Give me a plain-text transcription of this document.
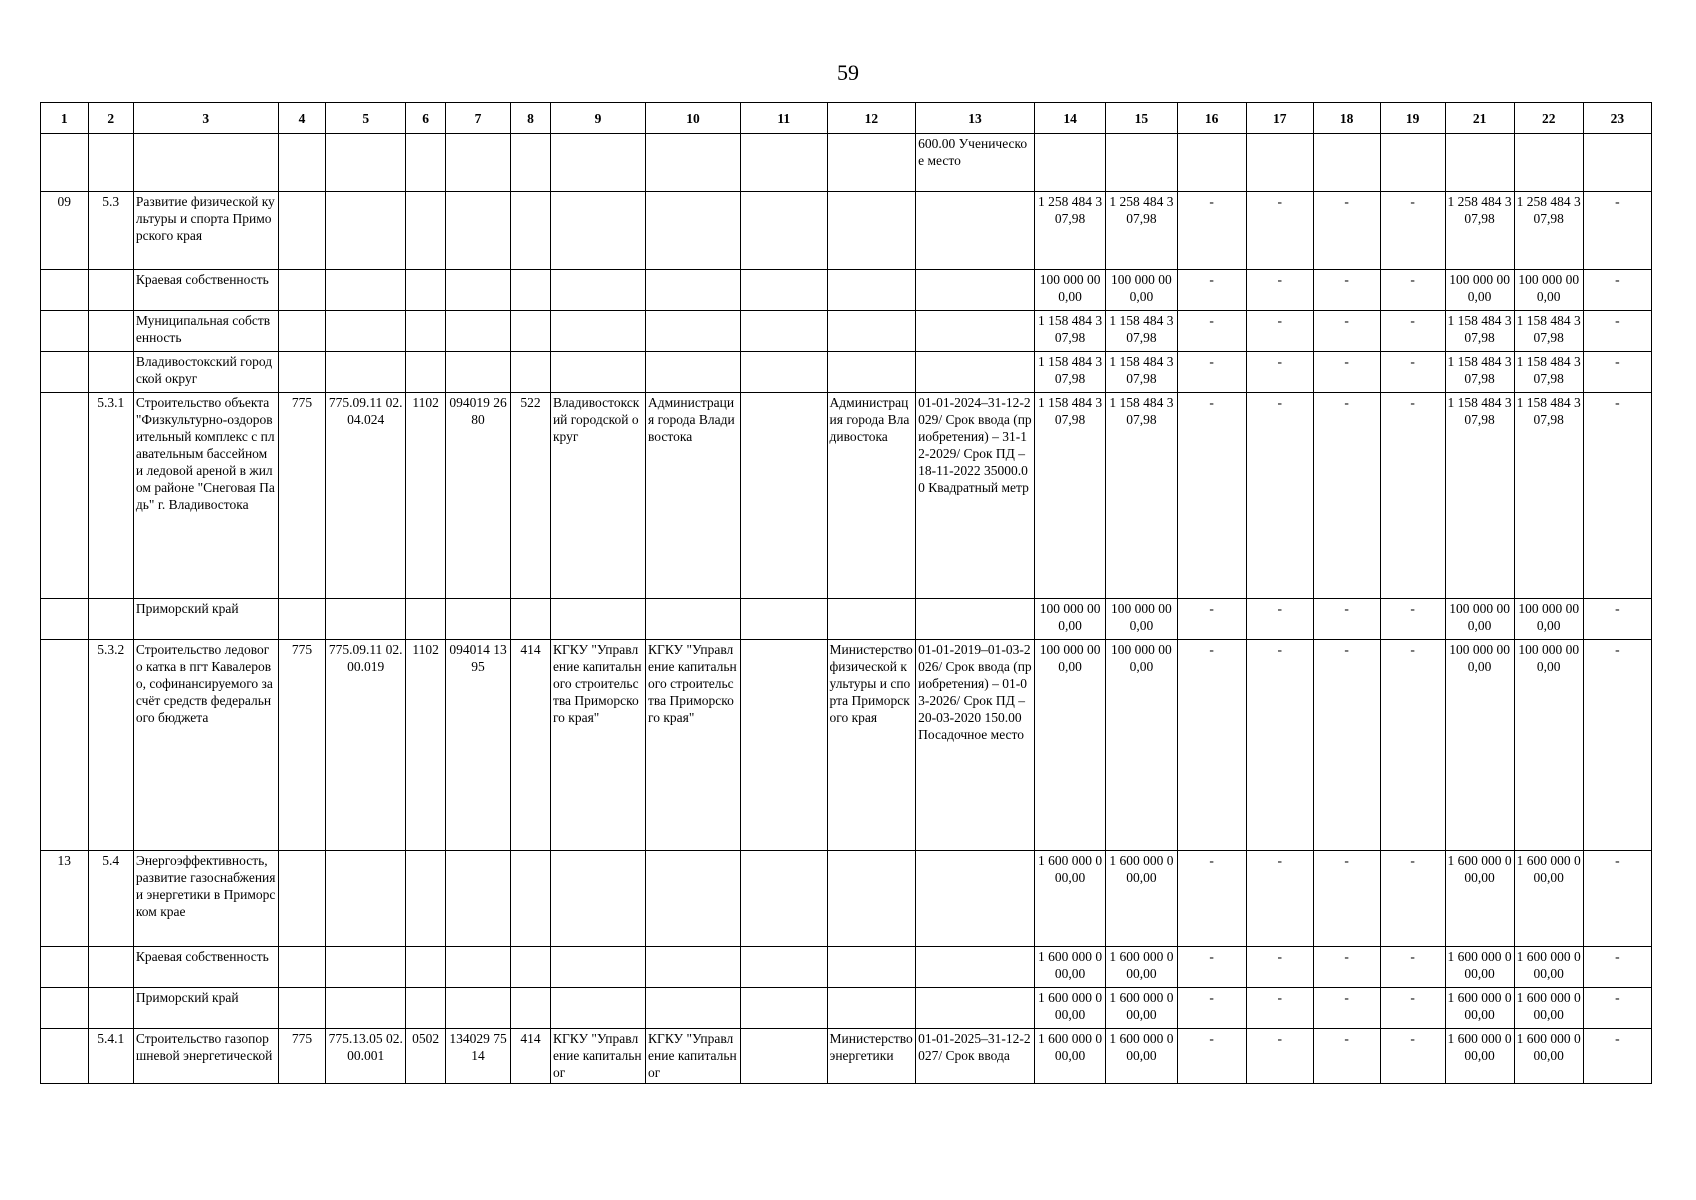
59
1	2	3	4	5	6	7	8	9	10	11	12	13	14	15	16	17	18	19	21	22	23
												600.00 Ученическое место									
09	5.3	Развитие физической культуры и спорта Приморского края											1 258 484 307,98	1 258 484 307,98	-	-	-	-	1 258 484 307,98	1 258 484 307,98	-
		Краевая собственность											100 000 000,00	100 000 000,00	-	-	-	-	100 000 000,00	100 000 000,00	-
		Муниципальная собственность											1 158 484 307,98	1 158 484 307,98	-	-	-	-	1 158 484 307,98	1 158 484 307,98	-
		Владивостокский городской округ											1 158 484 307,98	1 158 484 307,98	-	-	-	-	1 158 484 307,98	1 158 484 307,98	-
	5.3.1	Строительство объекта "Физкультурно-оздоровительный комплекс с плавательным бассейном и ледовой ареной в жилом районе "Снеговая Падь" г. Владивостока	775	775.09.11 02.04.024	1102	094019 2680	522	Владивостокский городской округ	Администрация города Владивостока		Администрация города Владивостока	01-01-2024–31-12-2029/ Срок ввода (приобретения) – 31-12-2029/ Срок ПД – 18-11-2022 35000.00 Квадратный метр	1 158 484 307,98	1 158 484 307,98	-	-	-	-	1 158 484 307,98	1 158 484 307,98	-
		Приморский край											100 000 000,00	100 000 000,00	-	-	-	-	100 000 000,00	100 000 000,00	-
	5.3.2	Строительство ледового катка в пгт Кавалерово, софинансируемого за счёт средств федерального бюджета	775	775.09.11 02.00.019	1102	094014 1395	414	КГКУ "Управление капитального строительства Приморского края"	КГКУ "Управление капитального строительства Приморского края"		Министерство физической культуры и спорта Приморского края	01-01-2019–01-03-2026/ Срок ввода (приобретения) – 01-03-2026/ Срок ПД – 20-03-2020 150.00 Посадочное место	100 000 000,00	100 000 000,00	-	-	-	-	100 000 000,00	100 000 000,00	-
13	5.4	Энергоэффективность, развитие газоснабжения и энергетики в Приморском крае											1 600 000 000,00	1 600 000 000,00	-	-	-	-	1 600 000 000,00	1 600 000 000,00	-
		Краевая собственность											1 600 000 000,00	1 600 000 000,00	-	-	-	-	1 600 000 000,00	1 600 000 000,00	-
		Приморский край											1 600 000 000,00	1 600 000 000,00	-	-	-	-	1 600 000 000,00	1 600 000 000,00	-
	5.4.1	Строительство газопоршневой энергетической	775	775.13.05 02.00.001	0502	134029 7514	414	КГКУ "Управление капитальног	КГКУ "Управление капитальног		Министерство энергетики	01-01-2025–31-12-2027/ Срок ввода	1 600 000 000,00	1 600 000 000,00	-	-	-	-	1 600 000 000,00	1 600 000 000,00	-
